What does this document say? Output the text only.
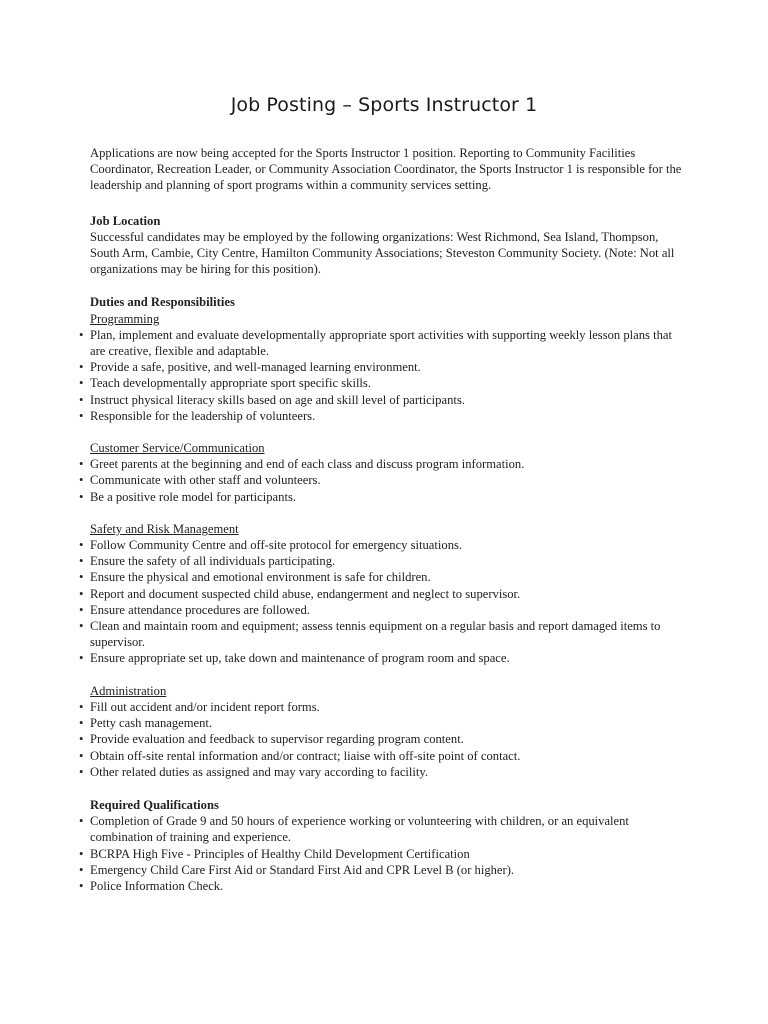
Job Posting – Sports Instructor 1

Applications are now being accepted for the Sports Instructor 1 position. Reporting to Community Facilities Coordinator, Recreation Leader, or Community Association Coordinator, the Sports Instructor 1 is responsible for the leadership and planning of sport programs within a community services setting.

Job Location

Successful candidates may be employed by the following organizations: West Richmond, Sea Island, Thompson, South Arm, Cambie, City Centre, Hamilton Community Associations; Steveston Community Society. (Note: Not all organizations may be hiring for this position).

Duties and Responsibilities
Programming
• Plan, implement and evaluate developmentally appropriate sport activities with supporting weekly lesson plans that are creative, flexible and adaptable.
• Provide a safe, positive, and well-managed learning environment.
• Teach developmentally appropriate sport specific skills.
• Instruct physical literacy skills based on age and skill level of participants.
• Responsible for the leadership of volunteers.
Customer Service/Communication
• Greet parents at the beginning and end of each class and discuss program information.
• Communicate with other staff and volunteers.
• Be a positive role model for participants.
Safety and Risk Management
• Follow Community Centre and off-site protocol for emergency situations.
• Ensure the safety of all individuals participating.
• Ensure the physical and emotional environment is safe for children.
• Report and document suspected child abuse, endangerment and neglect to supervisor.
• Ensure attendance procedures are followed.
• Clean and maintain room and equipment; assess tennis equipment on a regular basis and report damaged items to supervisor.
• Ensure appropriate set up, take down and maintenance of program room and space.
Administration
• Fill out accident and/or incident report forms.
• Petty cash management.
• Provide evaluation and feedback to supervisor regarding program content.
• Obtain off-site rental information and/or contract; liaise with off-site point of contact.
• Other related duties as assigned and may vary according to facility.
Required Qualifications
• Completion of Grade 9 and 50 hours of experience working or volunteering with children, or an equivalent combination of training and experience.
• BCRPA High Five - Principles of Healthy Child Development Certification
• Emergency Child Care First Aid or Standard First Aid and CPR Level B (or higher).
• Police Information Check.
